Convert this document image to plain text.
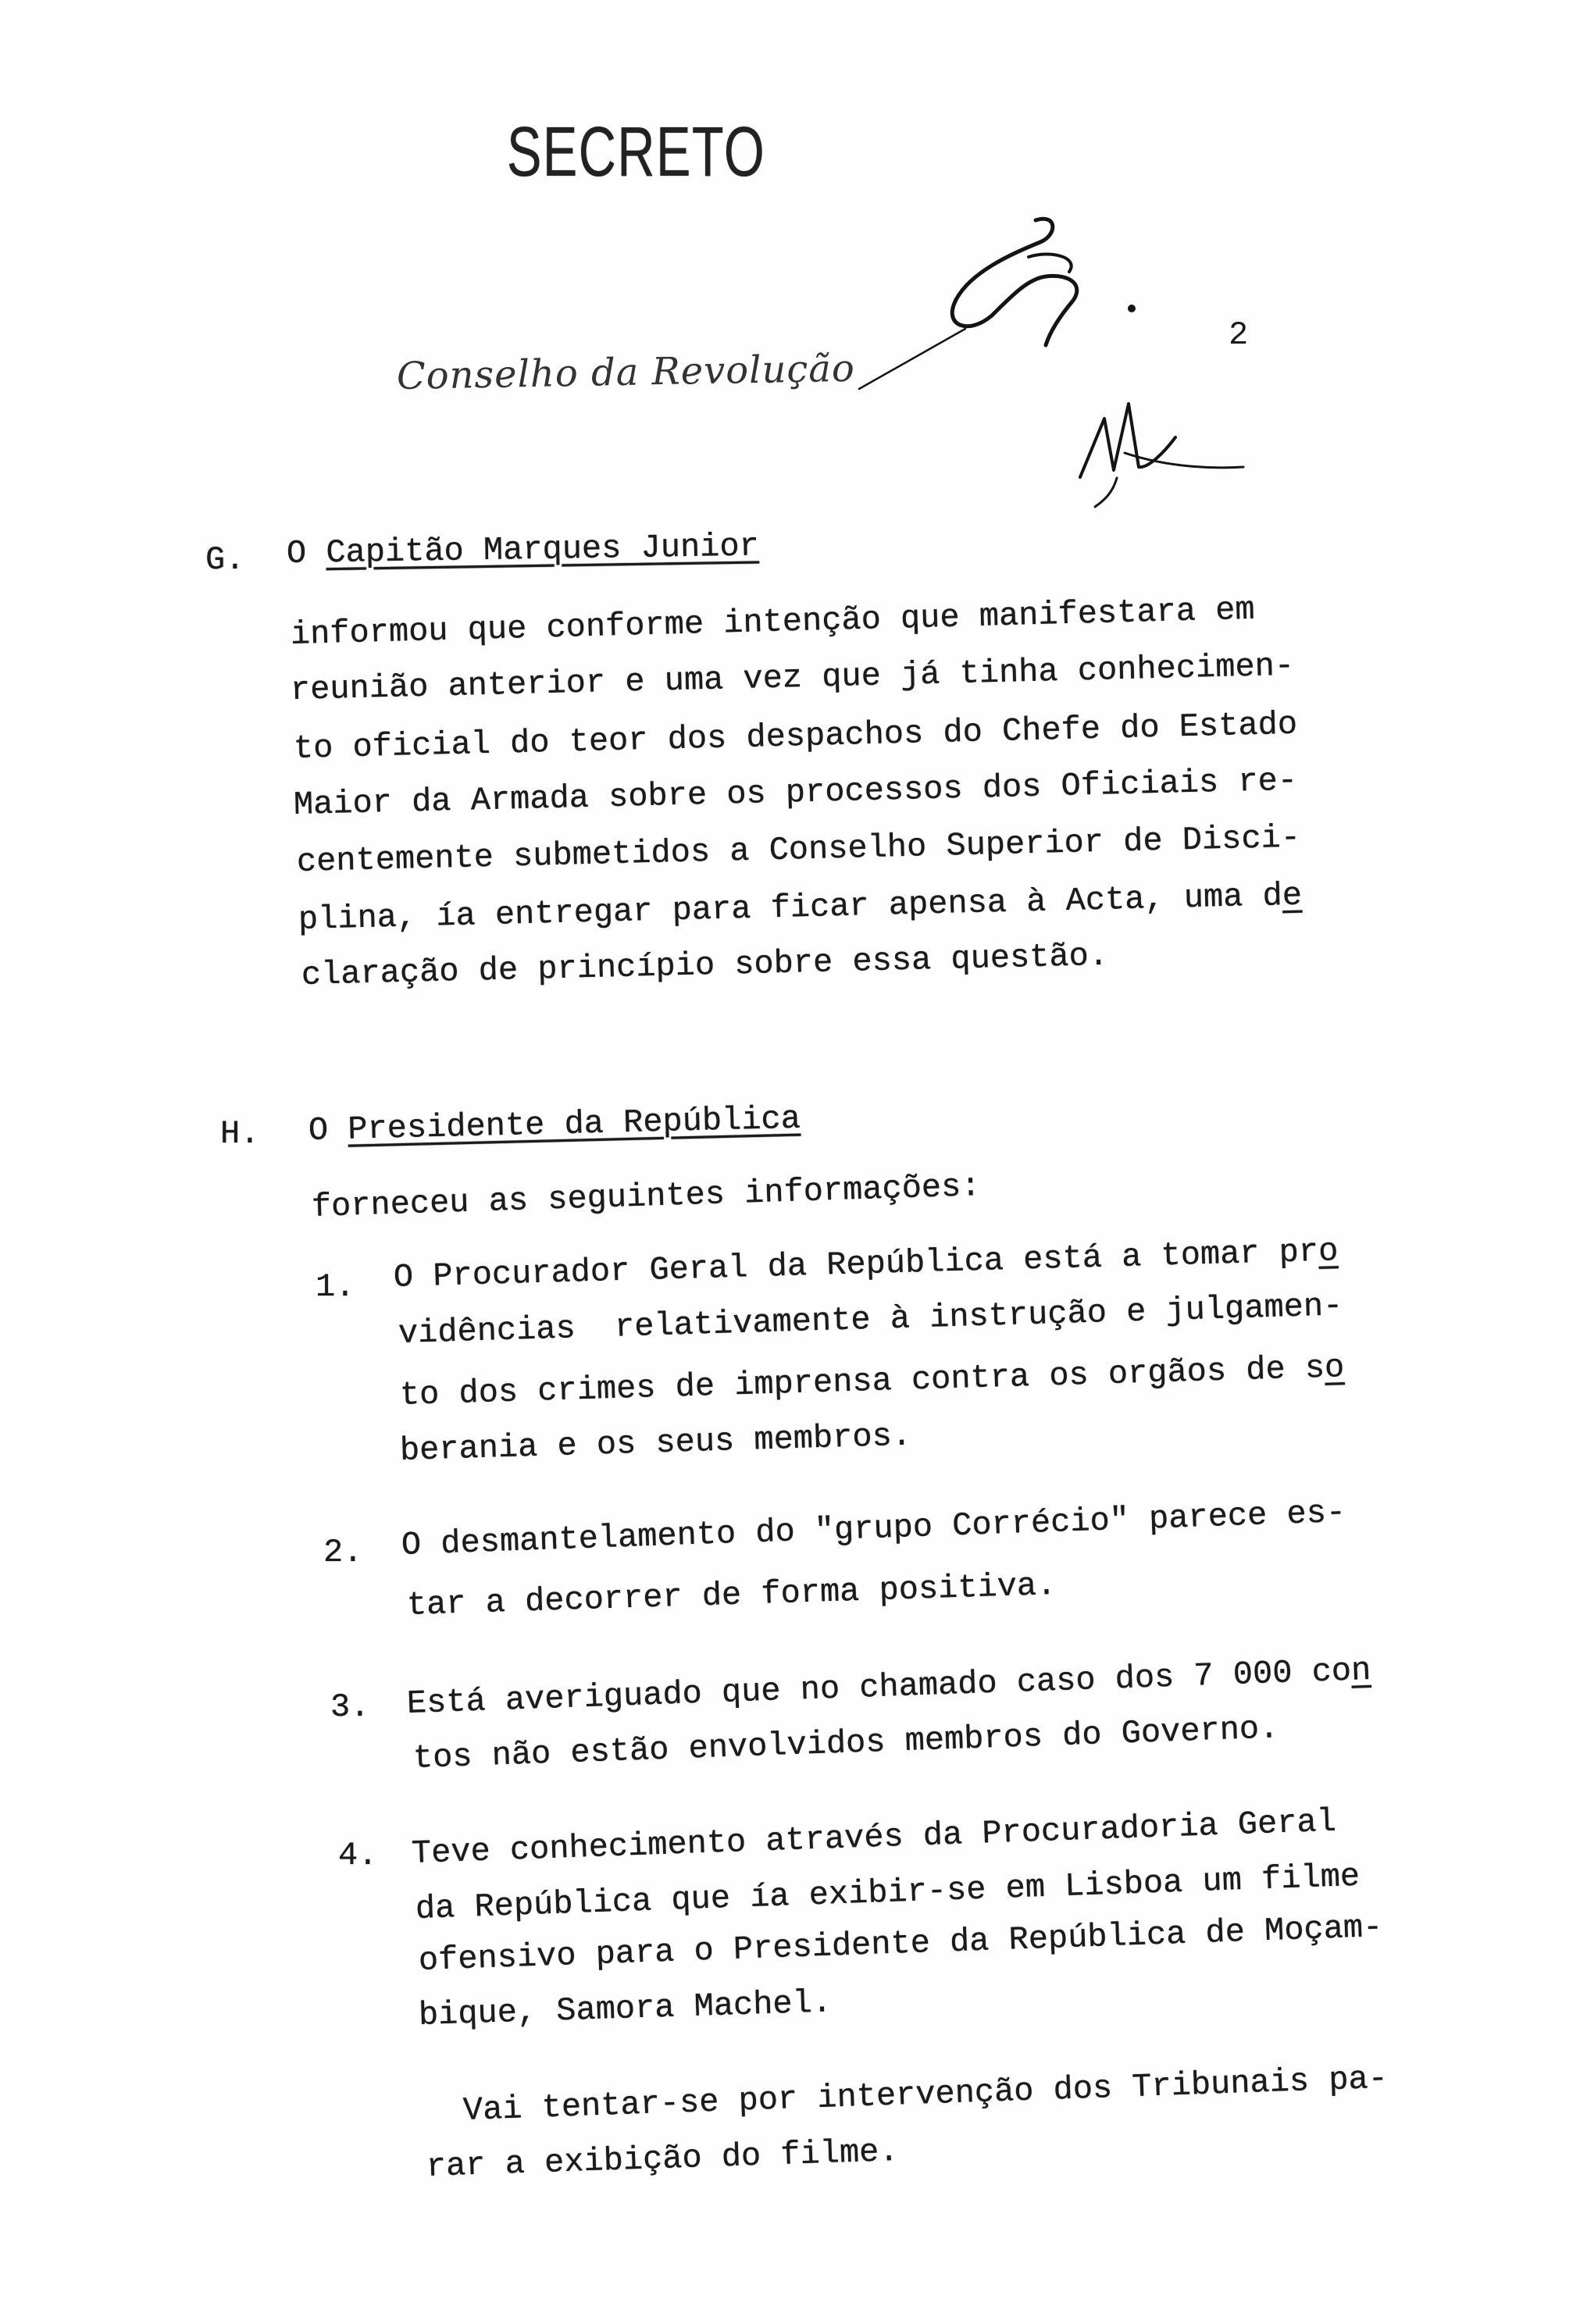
SECRETO
Conselho da Revolução
2
G. O Capitão Marques Junior
informou que conforme intenção que manifestara em
reunião anterior e uma vez que já tinha conhecimen-
to oficial do teor dos despachos do Chefe do Estado
Maior da Armada sobre os processos dos Oficiais re-
centemente submetidos a Conselho Superior de Disci-
plina, ía entregar para ficar apensa à Acta, uma de
claração de princípio sobre essa questão.
H. O Presidente da República
forneceu as seguintes informações:
1. O Procurador Geral da República está a tomar pro
vidências  relativamente à instrução e julgamen-
to dos crimes de imprensa contra os orgãos de so
berania e os seus membros.
2. O desmantelamento do "grupo Corrécio" parece es-
tar a decorrer de forma positiva.
3. Está averiguado que no chamado caso dos 7 000 con
tos não estão envolvidos membros do Governo.
4. Teve conhecimento através da Procuradoria Geral
da República que ía exibir-se em Lisboa um filme
ofensivo para o Presidente da República de Moçam-
bique, Samora Machel.
Vai tentar-se por intervenção dos Tribunais pa-
rar a exibição do filme.
